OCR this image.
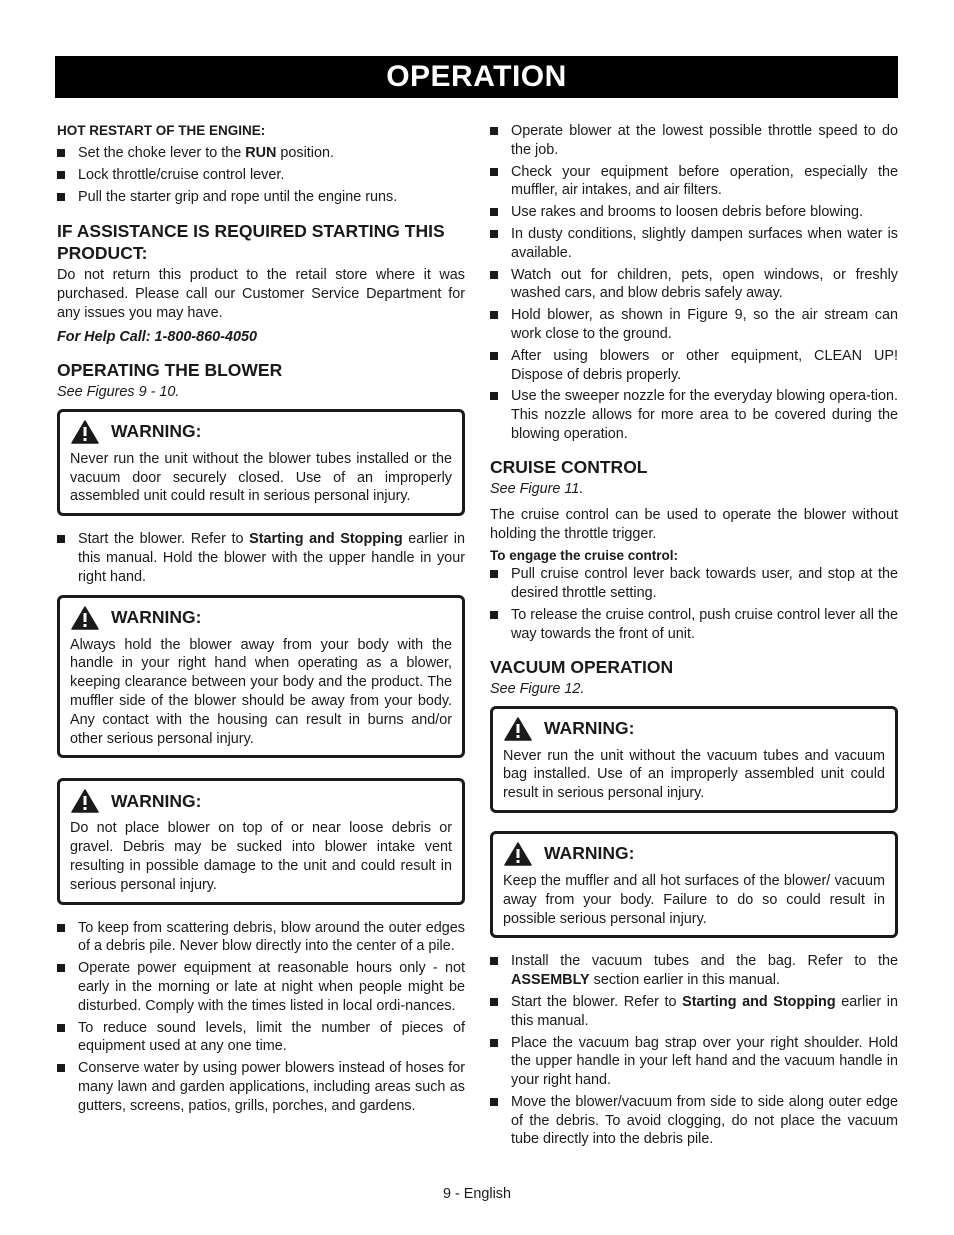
OPERATION
HOT RESTART OF THE ENGINE:
Set the choke lever to the RUN position.
Lock throttle/cruise control lever.
Pull the starter grip and rope until the engine runs.
IF ASSISTANCE IS REQUIRED STARTING THIS PRODUCT:

Do not return this product to the retail store where it was purchased. Please call our Customer Service Department for any issues you may have.

For Help Call: 1-800-860-4050
OPERATING THE BLOWER
See Figures 9 - 10.
WARNING:
Never run the unit without the blower tubes installed or the vacuum door securely closed. Use of an improperly assembled unit could result in serious personal injury.
Start the blower. Refer to Starting and Stopping earlier in this manual. Hold the blower with the upper handle in your right hand.
WARNING:
Always hold the blower away from your body with the handle in your right hand when operating as a blower, keeping clearance between your body and the product. The muffler side of the blower should be away from your body. Any contact with the housing can result in burns and/or other serious personal injury.
WARNING:
Do not place blower on top of or near loose debris or gravel. Debris may be sucked into blower intake vent resulting in possible damage to the unit and could result in serious personal injury.
To keep from scattering debris, blow around the outer edges of a debris pile. Never blow directly into the center of a pile.
Operate power equipment at reasonable hours only - not early in the morning or late at night when people might be disturbed. Comply with the times listed in local ordi-nances.
To reduce sound levels, limit the number of pieces of equipment used at any one time.
Conserve water by using power blowers instead of hoses for many lawn and garden applications, including areas such as gutters, screens, patios, grills, porches, and gardens.
Operate blower at the lowest possible throttle speed to do the job.
Check your equipment before operation, especially the muffler, air intakes, and air filters.
Use rakes and brooms to loosen debris before blowing.
In dusty conditions, slightly dampen surfaces when water is available.
Watch out for children, pets, open windows, or freshly washed cars, and blow debris safely away.
Hold blower, as shown in Figure 9, so the air stream can work close to the ground.
After using blowers or other equipment, CLEAN UP! Dispose of debris properly.
Use the sweeper nozzle for the everyday blowing opera-tion. This nozzle allows for more area to be covered during the blowing operation.
CRUISE CONTROL
See Figure 11.

The cruise control can be used to operate the blower without holding the throttle trigger.

To engage the cruise control:
Pull cruise control lever back towards user, and stop at the desired throttle setting.
To release the cruise control, push cruise control lever all the way towards the front of unit.
VACUUM OPERATION
See Figure 12.
WARNING:
Never run the unit without the vacuum tubes and vacuum bag installed. Use of an improperly assembled unit could result in serious personal injury.
WARNING:
Keep the muffler and all hot surfaces of the blower/ vacuum away from your body. Failure to do so could result in possible serious personal injury.
Install the vacuum tubes and the bag. Refer to the ASSEMBLY section earlier in this manual.
Start the blower. Refer to Starting and Stopping earlier in this manual.
Place the vacuum bag strap over your right shoulder. Hold the upper handle in your left hand and the vacuum handle in your right hand.
Move the blower/vacuum from side to side along outer edge of the debris. To avoid clogging, do not place the vacuum tube directly into the debris pile.
9 - English
